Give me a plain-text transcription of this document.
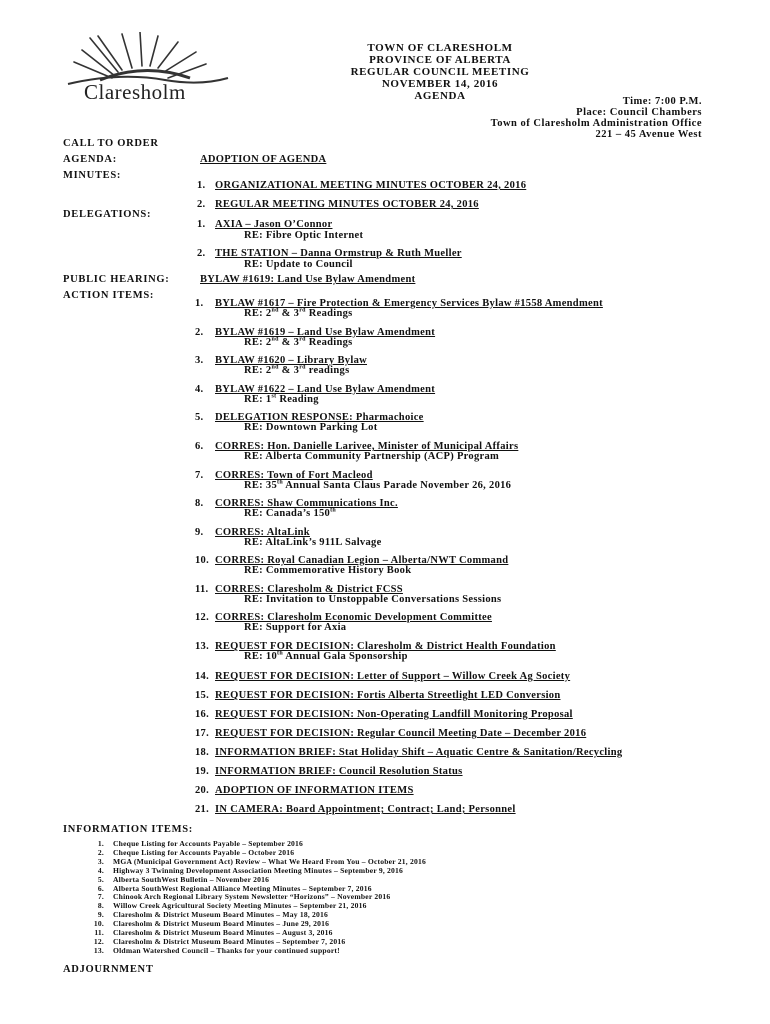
Claresholm
TOWN OF CLARESHOLM
PROVINCE OF ALBERTA
REGULAR COUNCIL MEETING
NOVEMBER 14, 2016
AGENDA	Time: 7:00 P.M.
Place: Council Chambers
Town of Claresholm Administration Office
221 – 45 Avenue West
CALL TO ORDER
AGENDA:	ADOPTION OF AGENDA
MINUTES:
1. ORGANIZATIONAL MEETING MINUTES OCTOBER 24, 2016
2. REGULAR MEETING MINUTES OCTOBER 24, 2016
DELEGATIONS:
1. AXIA – Jason O’Connor
RE: Fibre Optic Internet
2. THE STATION – Danna Ormstrup & Ruth Mueller
RE: Update to Council
PUBLIC HEARING:	BYLAW #1619: Land Use Bylaw Amendment
ACTION ITEMS:
1. BYLAW #1617 – Fire Protection & Emergency Services Bylaw #1558 Amendment
RE: 2nd & 3rd Readings
2. BYLAW #1619 – Land Use Bylaw Amendment
RE: 2nd & 3rd Readings
3. BYLAW #1620 – Library Bylaw
RE: 2nd & 3rd readings
4. BYLAW #1622 – Land Use Bylaw Amendment
RE: 1st Reading
5. DELEGATION RESPONSE: Pharmachoice
RE: Downtown Parking Lot
6. CORRES: Hon. Danielle Larivee, Minister of Municipal Affairs
RE: Alberta Community Partnership (ACP) Program
7. CORRES: Town of Fort Macleod
RE: 35th Annual Santa Claus Parade November 26, 2016
8. CORRES: Shaw Communications Inc.
RE: Canada’s 150th
9. CORRES: AltaLink
RE: AltaLink’s 911L Salvage
10. CORRES: Royal Canadian Legion – Alberta/NWT Command
RE: Commemorative History Book
11. CORRES: Claresholm & District FCSS
RE: Invitation to Unstoppable Conversations Sessions
12. CORRES: Claresholm Economic Development Committee
RE: Support for Axia
13. REQUEST FOR DECISION: Claresholm & District Health Foundation
RE: 10th Annual Gala Sponsorship
14. REQUEST FOR DECISION: Letter of Support – Willow Creek Ag Society
15. REQUEST FOR DECISION: Fortis Alberta Streetlight LED Conversion
16. REQUEST FOR DECISION: Non-Operating Landfill Monitoring Proposal
17. REQUEST FOR DECISION: Regular Council Meeting Date – December 2016
18. INFORMATION BRIEF: Stat Holiday Shift – Aquatic Centre & Sanitation/Recycling
19. INFORMATION BRIEF: Council Resolution Status
20. ADOPTION OF INFORMATION ITEMS
21. IN CAMERA: Board Appointment; Contract; Land; Personnel
INFORMATION ITEMS:
1. Cheque Listing for Accounts Payable – September 2016
2. Cheque Listing for Accounts Payable – October 2016
3. MGA (Municipal Government Act) Review – What We Heard From You – October 21, 2016
4. Highway 3 Twinning Development Association Meeting Minutes – September 9, 2016
5. Alberta SouthWest Bulletin – November 2016
6. Alberta SouthWest Regional Alliance Meeting Minutes – September 7, 2016
7. Chinook Arch Regional Library System Newsletter “Horizons” – November 2016
8. Willow Creek Agricultural Society Meeting Minutes – September 21, 2016
9. Claresholm & District Museum Board Minutes – May 18, 2016
10. Claresholm & District Museum Board Minutes – June 29, 2016
11. Claresholm & District Museum Board Minutes – August 3, 2016
12. Claresholm & District Museum Board Minutes – September 7, 2016
13. Oldman Watershed Council – Thanks for your continued support!
ADJOURNMENT
